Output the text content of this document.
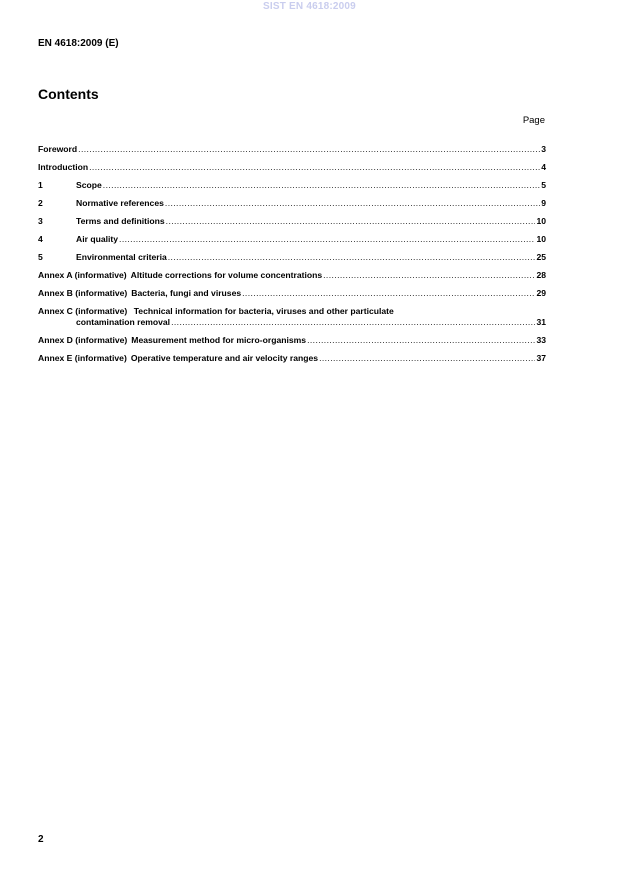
SIST EN 4618:2009
EN 4618:2009 (E)
Contents
Page
Foreword .....	3
Introduction .....	4
1	Scope .....	5
2	Normative references .....	9
3	Terms and definitions .....	10
4	Air quality .....	10
5	Environmental criteria .....	25
Annex A (informative) Altitude corrections for volume concentrations .....	28
Annex B (informative) Bacteria, fungi and viruses .....	29
Annex C (informative) Technical information for bacteria, viruses and other particulate
contamination removal .....	31
Annex D (informative) Measurement method for micro-organisms .....	33
Annex E (informative) Operative temperature and air velocity ranges .....	37
2
